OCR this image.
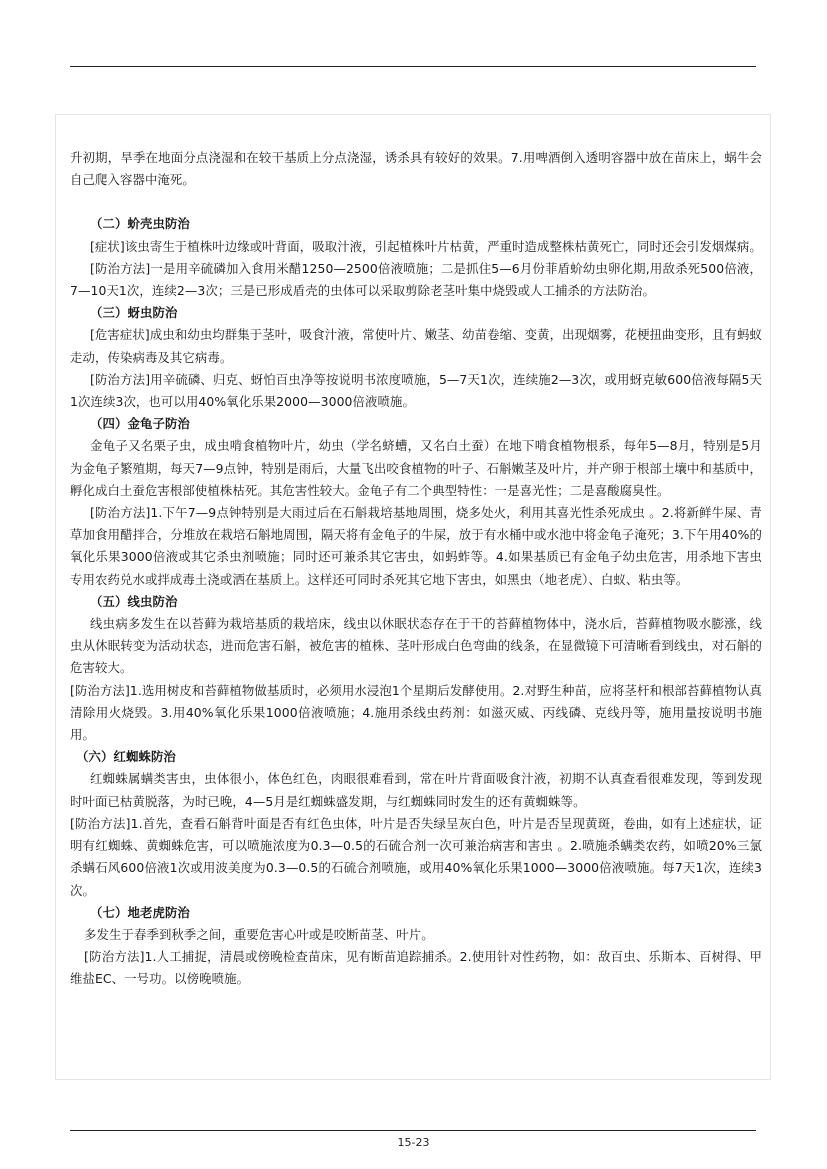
升初期，旱季在地面分点浇湿和在较干基质上分点浇湿，诱杀具有较好的效果。7.用啤酒倒入透明容器中放在苗床上，蜗牛会自己爬入容器中淹死。

（二）蚧壳虫防治

[症状]该虫寄生于植株叶边缘或叶背面，吸取汁液，引起植株叶片枯黄，严重时造成整株枯黄死亡，同时还会引发烟煤病。

[防治方法]一是用辛硫磷加入食用米醋1250—2500倍液喷施；二是抓住5—6月份菲盾蚧幼虫卵化期,用敌杀死500倍液，7—10天1次，连续2—3次；三是已形成盾壳的虫体可以采取剪除老茎叶集中烧毁或人工捕杀的方法防治。

（三）蚜虫防治

[危害症状]成虫和幼虫均群集于茎叶，吸食汁液，常使叶片、嫩茎、幼苗卷缩、变黄，出现烟雾，花梗扭曲变形，且有蚂蚁走动，传染病毒及其它病毒。

[防治方法]用辛硫磷、归克、蚜怕百虫净等按说明书浓度喷施，5—7天1次，连续施2—3次，或用蚜克敏600倍液每隔5天1次连续3次，也可以用40%氧化乐果2000—3000倍液喷施。

（四）金龟子防治

金龟子又名栗子虫，成虫啃食植物叶片，幼虫（学名蛴螬，又名白土蚕）在地下啃食植物根系，每年5—8月，特别是5月为金龟子繁殖期，每天7—9点钟，特别是雨后，大量飞出咬食植物的叶子、石斛嫩茎及叶片，并产卵于根部土壤中和基质中，孵化成白土蚕危害根部使植株枯死。其危害性较大。金龟子有二个典型特性：一是喜光性；二是喜酸腐臭性。

[防治方法]1.下午7—9点钟特别是大雨过后在石斛栽培基地周围，烧多处火，利用其喜光性杀死成虫 。2.将新鲜牛屎、青草加食用醋拌合，分堆放在栽培石斛地周围，隔天将有金龟子的牛屎，放于有水桶中或水池中将金龟子淹死；3.下午用40%的氧化乐果3000倍液或其它杀虫剂喷施；同时还可兼杀其它害虫，如蚂蚱等。4.如果基质已有金龟子幼虫危害，用杀地下害虫专用农药兑水或拌成毒土浇或洒在基质上。这样还可同时杀死其它地下害虫，如黑虫（地老虎）、白蚁、粘虫等。

（五）线虫防治

线虫病多发生在以苔藓为栽培基质的栽培床，线虫以休眠状态存在于干的苔藓植物体中，浇水后，苔藓植物吸水膨涨，线虫从休眠转变为活动状态，进而危害石斛，被危害的植株、茎叶形成白色弯曲的线条，在显微镜下可清晰看到线虫，对石斛的危害较大。

[防治方法]1.选用树皮和苔藓植物做基质时，必须用水浸泡1个星期后发酵使用。2.对野生种苗，应将茎杆和根部苔藓植物认真清除用火烧毁。3.用40%氧化乐果1000倍液喷施；4.施用杀线虫药剂：如滋灭威、丙线磷、克线丹等，施用量按说明书施用。

（六）红蜘蛛防治

红蜘蛛属螨类害虫，虫体很小，体色红色，肉眼很难看到，常在叶片背面吸食汁液，初期不认真查看很难发现，等到发现时叶面已枯黄脱落，为时已晚，4—5月是红蜘蛛盛发期，与红蜘蛛同时发生的还有黄蜘蛛等。

[防治方法]1.首先，查看石斛背叶面是否有红色虫体，叶片是否失绿呈灰白色，叶片是否呈现黄斑，卷曲，如有上述症状，证明有红蜘蛛、黄蜘蛛危害，可以喷施浓度为0.3—0.5的石硫合剂一次可兼治病害和害虫 。2.喷施杀螨类农药，如喷20%三氯杀螨石风600倍液1次或用波美度为0.3—0.5的石硫合剂喷施，或用40%氧化乐果1000—3000倍液喷施。每7天1次，连续3次。

（七）地老虎防治

多发生于春季到秋季之间，重要危害心叶或是咬断苗茎、叶片。

[防治方法]1.人工捕捉，清晨或傍晚检查苗床，见有断苗追踪捕杀。2.使用针对性药物，如：敌百虫、乐斯本、百树得、甲维盐EC、一号功。以傍晚喷施。

15-23
